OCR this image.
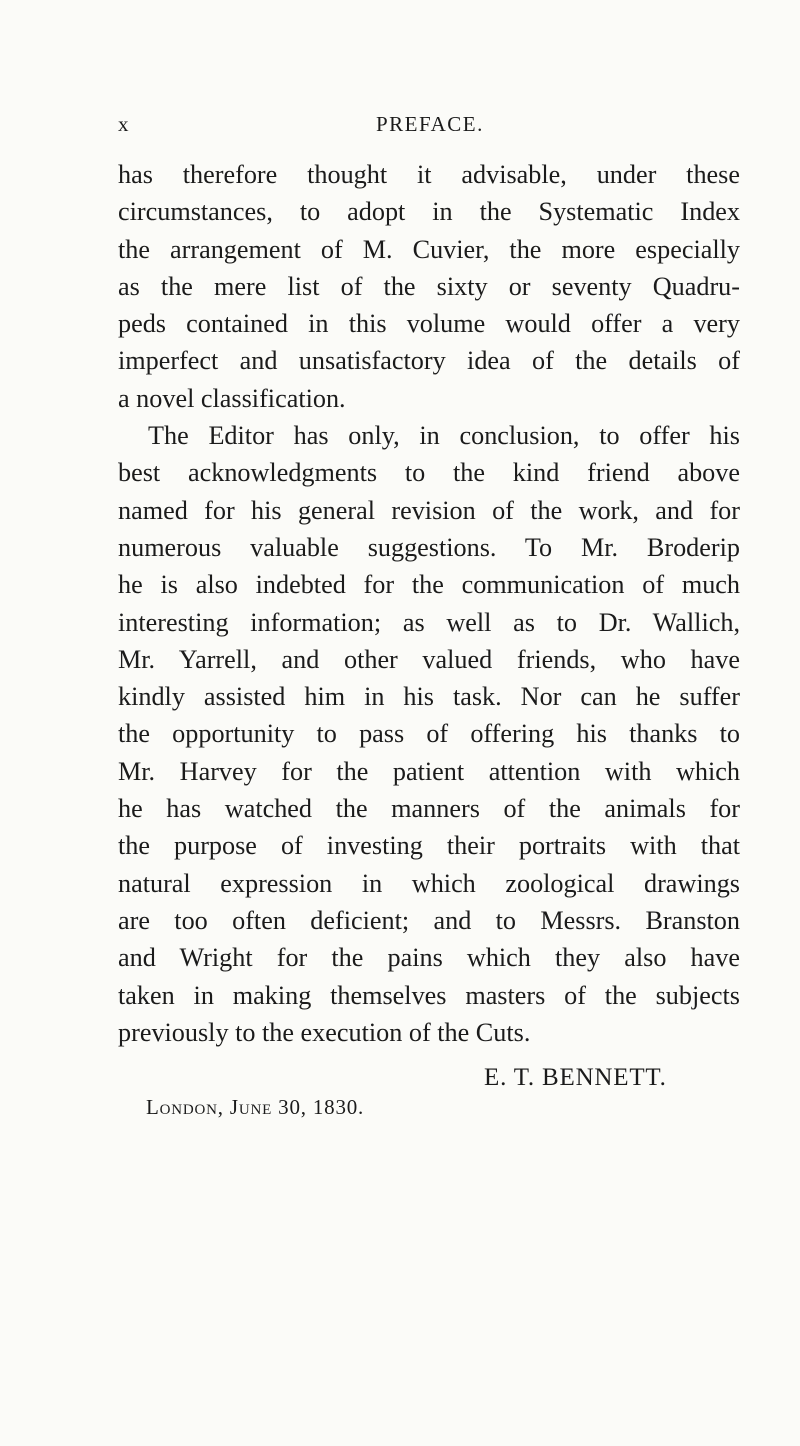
x	PREFACE.
has therefore thought it advisable, under these
circumstances, to adopt in the Systematic Index
the arrangement of M. Cuvier, the more especially
as the mere list of the sixty or seventy Quadru-
peds contained in this volume would offer a very
imperfect and unsatisfactory idea of the details of
a novel classification.
The Editor has only, in conclusion, to offer his
best acknowledgments to the kind friend above
named for his general revision of the work, and for
numerous valuable suggestions. To Mr. Broderip
he is also indebted for the communication of much
interesting information; as well as to Dr. Wallich,
Mr. Yarrell, and other valued friends, who have
kindly assisted him in his task. Nor can he suffer
the opportunity to pass of offering his thanks to
Mr. Harvey for the patient attention with which
he has watched the manners of the animals for
the purpose of investing their portraits with that
natural expression in which zoological drawings
are too often deficient; and to Messrs. Branston
and Wright for the pains which they also have
taken in making themselves masters of the subjects
previously to the execution of the Cuts.
E. T. BENNETT.
London, June 30, 1830.
